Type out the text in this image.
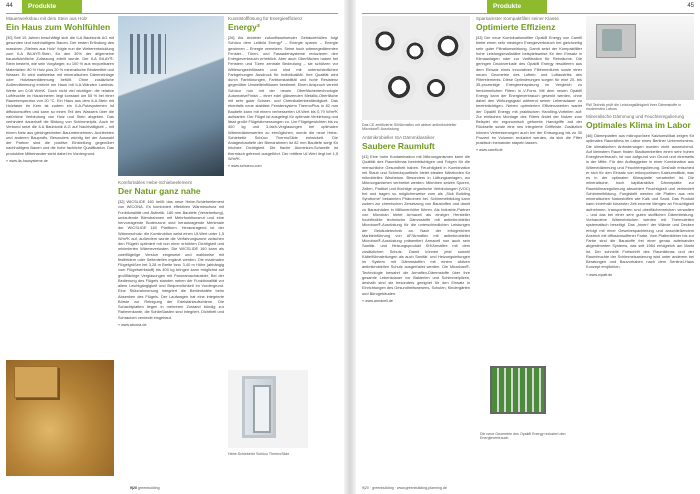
44	Produkte
Mauerwerksbau mit dem Stein aus Holz
Ein Haus zum Wohlfühlen
[30] Seit 15 Jahren beschäftigt sich die ILA Baubionik AG mit gesunden und nachhaltigem Bauen. Der ersten Erfindung des massiven „Steines aus Holz“ folgte nun die Weiterentwicklung zum ILA INLAY®-Stein, für den 30% der allgemeine bauaufsichtliche Zulassung erteilt wurde. Der ILA INLAY®-Stein besteht, wie sein Vorgänger, zu 100 % aus recycelbaren Materialien: 80 % Holz plus 20 % mineralische Bindemittel und Wasser. Er wird wahlweise mit mineralischen Dämmeinlage oder Holzfaserdämmung befüllt. Ohne zusätzliche Außendämmung erreicht ein Haus mit ILA-Wänden Lambda-Werte um 0,08 W/mK. Doch nicht viel wichtiger: die relative Luftfeuchte im Hausinneren liegt konstant um 55 % bei einer Raumtemperatur von 20 °C. Ein Haus aus dem ILA-Stein mit Holzfaser im Kern ist zudem ein ILA-Putzsystemen ist diffusionsoffen und kann so einen Teil des Wassers über die natürliche Verbindung von Holz und Stein abgeben. Das verhindert dauerhaft die Bildung von Schimmelpilz. Auch im Verbund setzt die ILA Baubionik A.G auf Nachhaltigkeit – mit einem Netz aus gleichgesinnten Bauunternehmen, Architekten und anderen Bauprofis. Besonders wichtig bei der Auswahl der Partner sind die positive Einstellung gegenüber nachhaltigem Bauen und die hohe fachliche Qualifikation. Das produktive Mitteinander steht dabei im Vordergrund.
» www.ila-hausysteme.de
Kunststofflösung für Energieeffizienz
Energy³
[26] Als Anbieter zukunftsweisender Gebäudehüllen folgt Schüco dem Leitbild Energy³ – Energie sparen – Energie gewinnen – Energie vernetzen. Seine hoch wärmegedämmten Fenster-, Türen- und Fassadensysteme reduzieren den Energieverbrauch erheblich. Aber auch Oberflächen haben bei Fenstern und Türen zentrale Bedeutung – sie schützen vor Witterungseinflüssen und sind mit unterschiedlichen Farbgebungen Ausdruck für Individualität. Ihre Qualität wird durch Farbtönungen, Farbtonstabilität und hohe Resistenz gegenüber Umwelteinflüssen bestimmt. Einen Anspruch vereint Schüco nun mit der neuen Oberflächentechnologie AutomotiveFinish – einer edel glänzenden Metallic-Oberfläche mit sehr guter Schwer- und Chemikalienbeständigkeit. Das ebenfalls neue stabilste Fenstersystem ThermoPlus in 82 mm Bautiefe kann mit einem verbesserten Uf-Wert bis 0,79 W/m²K aufwarten. Der Flügel ist ausgelegt für optimale Verklebung und lässt große Flügelabmessungen zu. Um Flügelgewichten bis zu 400 kg und 3-fach-Verglasungen bei optimalen Wärmedämmwerten zu ermöglichen, wurde die neue Hebe-Schiebetür Schüco ThermoSlide entwickelt. Die Anlagenbautiefe der Blendrahmen ist 82 mm Bautiefe sorgt für höchste Dichtigkeit. Die flache Aluminium-Schwelle ist thermisch getrennt ausgeführt. Der mittlere Uf-Wert liegt bei 1,5 W/m²K.
» www.schueco.com
Komfortables Hebe-Schiebeelement
Der Natur ganz nahe
[32] WICSLIDE 160 heißt das neue Hebe-Schiebeelement von WICONA. Es kombiniert effektiven Wärmeschutz mit Funktionalität und Ästhetik. 160 mm Bautiefe (Verarbeitung), umlaufende Blendrahmen mit Mehrfunktionsnut und eine hervorragende Bodenzone sind herausragende Merkmale der WICSLIDE 160 Plattform. Herausragend ist der Wärmeschutz: die Konstruktion weist einen Uf-Wert unter 1,5 W/m²K auf, außerdem wurde die Verfahrungszone zwischen den Flügeln optimiert mit nun einer erhöhten Dichtigkeit und minimierten Wärmeverlusten. Die WICSLIDE 160 kann als zweiflügelige Version eingesetzt und wahlweise mit festfeldern oder Seitenteilen ergänzt werden. Die maximalen Flügelgrößen bei 3,28 m Breite bzw. 3,40 m Höhe (abhängig vom Flügelwerkstoff) bis 400 kg bringen kann möglichst auf großflächige Verglasungen mit Panoramacharakter. Bei der Bedienung des Flügels standen neben der Funktionalität vor allem Leichtgängigkeit und Bequemlichkeit im Vordergrund. Eine Stützrahmenung integriert die Bedienkräfte beim Absenken des Flügels. Der Laufwagen hat eine integrierte Bürste zur Reinigung der Edelstahlaufschiene. Die Schachtplatten liegen in mehreren Zustand bündig zur Rahmenkante, die Schließlasten sind integriert, Dichtheit und Schrauben verdeckt eingebaut.
» www.wicona.de
Hebe-Schiebetür Schüco ThermoSlide
9|20 greenbuilding
Produkte	45
Das CE zertifizierte SilVArmaflex mit aktiver antimikrobieller Microban®-Ausrüstung
Antimikrobieller ISA Dämmklassiker
Saubere Raumluft
[41] Eine hohe Kontamination mit Mikroorganismen kann die Qualität des Raumklimas beeinträchtigen und Folgen für die menschliche Gesundheit haben. Feuchtigkeit in Kombination mit Staub und Schmutzpartikeln bietet idealen Nährboden für mikrobielles Wachstum. Besonders in Lüftungsanlagen, wo Mikroorganismen verbreitet werden. Mikroben setzen Sporen, Zellen, Partikel und flüchtige organische Verbindungen (VOC) frei und tragen so möglicherweise zum als „Sick Building Syndrome“ bekannten Phänomen bei. Schimmelbildung kann zudem zur chemischen Zersetzung von Baustoffen und damit zu Bauschäden in Millionenhöhe führen. Als Industrie-Partner von Microban bietet Armacell als einziger Hersteller hochflexible technische Dämmstoffe mit antimikrobieller Microban®-Ausrüstung für die unterschiedlichen Leistungen der Gebäudetechnik an. Nach der erfolgreichen Markteinführung von AF/Armaflex mit antimikrobieller Microban®-Ausrüstung präsentiert Armacell nun auch sein Sanitär- und Heizungsprodukt SH/Armaflex mit dem zusätzlichen Schutz. Damit können jetzt sowohl Kälte/Klimaleitungen als auch Sanitär- und Heizungsleitungen im System mit Dämmstoffen mit einem aktiven antimikrobiellen Schutz ausgerüstet werden. Die Microban®-Technologie bewahrt die Armaflex-Dämmstoffe über ihre gesamte Lebensdauer vor Bakterien und Schimmelpilzen, deshalb sind sie besonders geeignet für den Einsatz in Einrichtungen des Gesundheitswesens, Schulen, Kindergärten und Bürogebäuden.
» www.armacell.de
Sparsamster Kompaktfilter seiner Klasse
Optimierte Effizienz
[43] Der neue Kombinationsfilter Opakfil Energy von Camfil bietet einen sehr niedrigen Energieverbrauch bei gleichzeitig sehr guter Filtrationswirkung. Damit setzt der Kompaktfilter hohe Leistungsmaßstäbe beispielsweise für den Einsatz in Klimaanlagen oder zur Vorfiltration für Reinräume. Die geringen Druckverluste des Opakfil Energy resultieren aus dem Einsatz eines innovativen Filtermediums sowie einer neuen Geometrie des Luftein- und Luftaustritts des Filterelements. Diese Optimierungen sorgen für eine 20- bis 35-prozentige Energieeinsparung im Vergleich zu herkömmlichen Filtern in V-Form. Mit dem neuen Opakfil Energy kann der Energieverbrauch gesenkt werden, ohne dabei den Wirkungsgrad während seiner Lebensdauer zu beeinträchtigen. Neben optimierten Effizienzwerten wartet der Opakfil Energy mit praktischen Handling-Vorteilen auf: Zur einfachen Montage des Filters findet der Nutzer zum Beispiel ein ergonomisch geformte Handgriffe auf der Rückseite sowie eine neu integrierte Griffleiste. Zusätzlich können Verbesserungen auch bei der Entsorgung bis zu 30 Prozent im Volumen reduziert werden, da sich die Filter praktisch ineinander stapeln lassen.
» www.camfil.de
Die neue Geometrie des Opakfil Energy reduziert den Energieverbrauch
RW Technik prüft die Leistungsfähigkeit ihrer Dämmstoffe in modernsten Labors
Mineralische Dämmung und Feuchteregulierung
Optimales Klima im Labor
[46] Dämmplatten aus mikroporösen Kalziumsilikat zeigen für optimales Raumklima im Labor eines Berliner Unternehmens. Die klimatischen Anforderungen wurden nicht ausreichend. Auf kleinstem Raum finden Stadtumnbeiten einen sehr hohen Energieverbrauch, ist nun aufgrund von Grund und einerseits in der Mitte. Für den Auftraggeber in einer Kombination aus Wärmedämmung und Feuchteregulierung. Deshalb entschied er sich für den Einsatz von mikroporösem Kalziumsilikat, was es in der optimalen Klimaplatte verarbeitet ist. Die mineralische, hoch kapillaraktive Dämmplatte zur Raumklimaregulierung absorbiert Feuchtigkeit und verhindert Schimmelbildung. Fungistellt werden die Platten aus rein mineralischen Naturstoffen wie Kalk und Sand. Das Produkt kann innerhalb kürzester Zeit enorme Mengen an Feuchtigkeit aufnehmen, transportieren und oberflächenreichen verwalten – und das bei einer sehr guten stofflichen Dämmleistung. Vorhandene Wärmebrücken werden mit Thermoleiten systematisch beseitigt. Das „Innen“ der Wände und Decken erfolgt mit einer Gewebespachtelung und anschließendem Anstrich mit diffusionsoffener Farbe. Vom Plattenkleber bis zur Farbe sind die Baustoffe frei einer genau aufeinander abgestimmten Systems, das seit 1984 erfolgreich am Markt ist. Der schnelle Fortschritt des Raumklimas und der Raumfeuchte der Schimmelsanierung wird unter anderem bei Beratungen und Bauvorhaben nach dem Sentinel-Haus Konzept empfohlen.
» www.rcpatt.de
9|20 · greenbuilding · www.greenbuilding-planning.de
